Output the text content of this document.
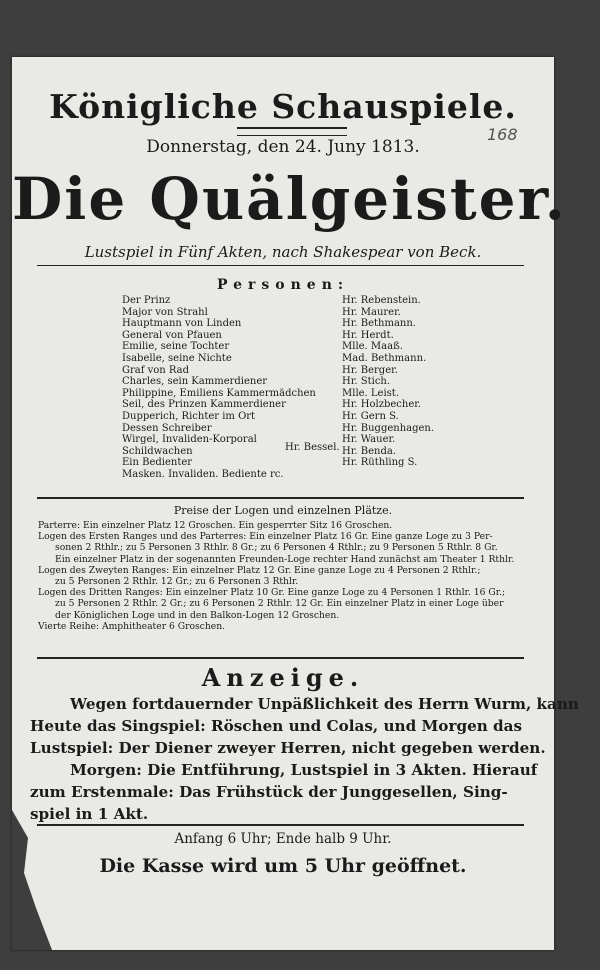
Königliche Schauspiele.
Donnerstag, den 24. Juny 1813.
168
Die Quälgeister.
Lustspiel in Fünf Akten, nach Shakespear von Beck.
Personen:
Der Prinz
Major von Strahl
Hauptmann von Linden
General von Pfauen
Emilie, seine Tochter
Isabelle, seine Nichte
Graf von Rad
Charles, sein Kammerdiener
Philippine, Emiliens Kammermädchen
Seil, des Prinzen Kammerdiener
Dupperich, Richter im Ort
Dessen Schreiber
Wirgel, Invaliden-Korporal
Schildwachen
Ein Bedienter
Masken. Invaliden. Bediente rc.
Hr. Rebenstein.
Hr. Maurer.
Hr. Bethmann.
Hr. Herdt.
Mlle. Maaß.
Mad. Bethmann.
Hr. Berger.
Hr. Stich.
Mlle. Leist.
Hr. Holzbecher.
Hr. Gern S.
Hr. Buggenhagen.
Hr. Wauer.
Hr. Benda.
Hr. Rüthling S.
Hr. Bessel.
Preise der Logen und einzelnen Plätze.
Parterre: Ein einzelner Platz 12 Groschen. Ein gesperrter Sitz 16 Groschen.
Logen des Ersten Ranges und des Parterres: Ein einzelner Platz 16 Gr. Eine ganze Loge zu 3 Per-
sonen 2 Rthlr.; zu 5 Personen 3 Rthlr. 8 Gr.; zu 6 Personen 4 Rthlr.; zu 9 Personen 5 Rthlr. 8 Gr.
Ein einzelner Platz in der sogenannten Freunden-Loge rechter Hand zunächst am Theater 1 Rthlr.
Logen des Zweyten Ranges: Ein einzelner Platz 12 Gr. Eine ganze Loge zu 4 Personen 2 Rthlr.;
zu 5 Personen 2 Rthlr. 12 Gr.; zu 6 Personen 3 Rthlr.
Logen des Dritten Ranges: Ein einzelner Platz 10 Gr. Eine ganze Loge zu 4 Personen 1 Rthlr. 16 Gr.;
zu 5 Personen 2 Rthlr. 2 Gr.; zu 6 Personen 2 Rthlr. 12 Gr. Ein einzelner Platz in einer Loge über
der Königlichen Loge und in den Balkon-Logen 12 Groschen.
Vierte Reihe: Amphitheater 6 Groschen.
Anzeige.
Wegen fortdauernder Unpäßlichkeit des Herrn Wurm, kann
Heute das Singspiel: Röschen und Colas, und Morgen das
Lustspiel: Der Diener zweyer Herren, nicht gegeben werden.
Morgen: Die Entführung, Lustspiel in 3 Akten. Hierauf
zum Erstenmale: Das Frühstück der Junggesellen, Sing-
spiel in 1 Akt.
Anfang 6 Uhr; Ende halb 9 Uhr.
Die Kasse wird um 5 Uhr geöffnet.
